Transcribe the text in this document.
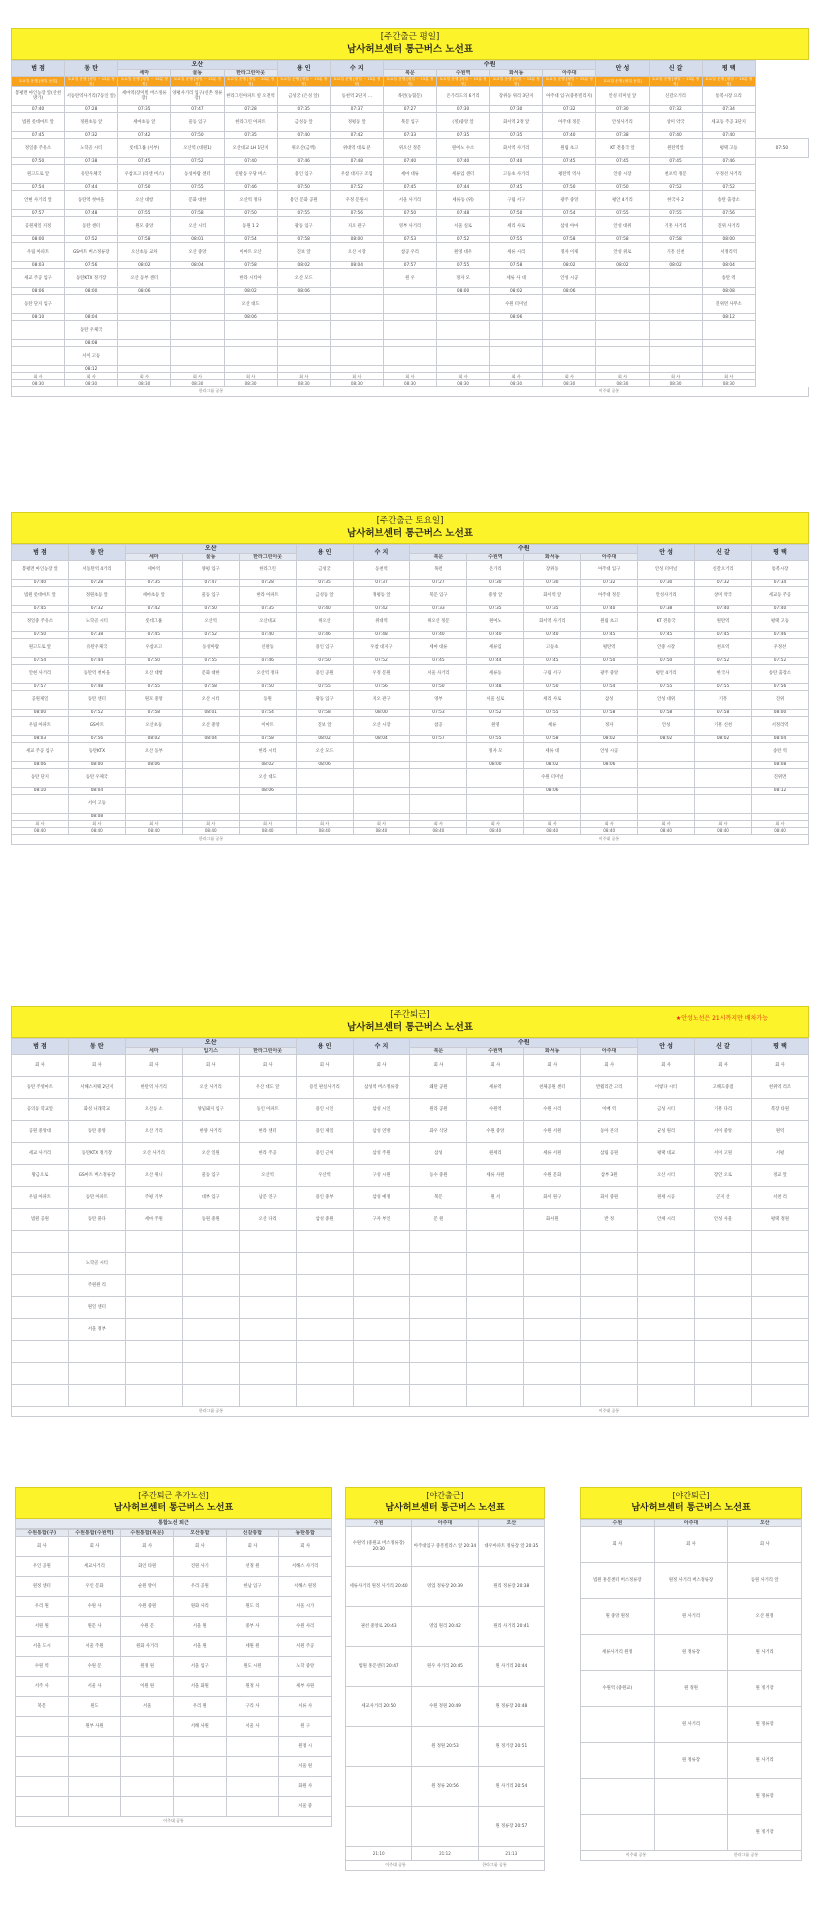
[주간출근 평일]
남사허브센터 통근버스 노선표
범 점	동 탄	오산			용 인	수 지	수원				안 성	신 갈	평 택	
		세마	물동	한라그린아웃			북문	수원역	화서동	아주대				
토요일 운행 [평일 동일]	토요일 운행 [평일 ~ 15분 정정]	토요일 운행 [평일 ~ 15분 정정]	토요일 운행 [평일 ~ 15분 정정]	토요일 운행 [평일 ~ 20분 정정]	토요일 운행 [평일 ~ 15분 정정]	토요일 운행 [평일 ~ 15분 정정]	토요일 운행 [평일 ~ 15분 정정]	토요일 운행 [평일 ~ 15분 정정]	토요일 운행 [평일 ~ 15분 정정]	토요일 운행 [평일 ~ 15분 정정]	토요일 운행 [평일 동일]	토요일 운행 [평일 ~ 15분 정정]	토요일 운행 [평일 ~ 15분 정정]	
봉평면 마인농장 앞(산천 방가)	서동탄역사거리(7동인 앞)	세마역(장미빌 버스정류장)	양평사거리 입구(신촌 정류장)	한라그린아파트 옆 오전역	금성궁 (은성 앞)	동천역 2단지 ...	목련(농협문)	온가리도의 6거리	장위동 위리 3단지	아주대 입구(중흥빌리지)	안성 터미널 앞	신갈오거리	통복시장 요리	
07:40	07:28	07:35	07:47	07:28	07:35	07:37	07:27	07:30	07:30	07:32	07:30	07:32	07:34	
법원 롯데마트 앞	정원초등 앞	세마초등 앞	물동 입구	한라그린 아파트	금성동 앞	정평동 앞	북문 입구	(정)중앙 앞	화서역 2정 앞	아주대 정문	안성사거리	상미 약국	세교동 주공 3단지	
07:45	07:32	07:42	07:50	07:35	07:40	07:42	07:33	07:35	07:35	07:40	07:38	07:40	07:40	
정일중 주유소	노학골 시티	롯데그룹 (서부)	오산역 (대원1)	오산대교 LH 1단지	위오산(금액)	위대역 대로 분	위오산 정문	원여노 수소	화서역 사거리	원림 초고	KT 전용국 앞	원탄역앞	평택 고등	07:50
07:50	07:38	07:45	07:52	07:40	07:46	07:48	07:40	07:40	07:40	07:45	07:45	07:45	07:46	
원고도로 앞	유탄우체국	우참포고 (라센 버스)	동성아람 센터	신팔동 우당 버스	용인 입구	우참 대지구 조입	세마 대류	세류입 센터	고등초 사거리	평탄역 역사	안중 시장	천포역 정문	우정선 사거리	
07:54	07:44	07:50	07:55	07:46	07:50	07:52	07:45	07:44	07:45	07:50	07:50	07:52	07:52	
안현 사거리 앞	동탄역 첫마을	오산 대항	문화 대한	오산역 정다	용인 문화 공원	우정 문원시	서울 사거리	세류동 (위)	구림 서구	광주 중앙	평안 4거리	한국사 2	송탄 출장소	
07:57	07:48	07:55	07:58	07:50	07:55	07:56	07:50	07:48	07:50	07:54	07:55	07:55	07:56	
공원제일 지정	동탄 센터	원모 중앙	오산 시티	동원 1 2	광동 입구	지오 관구	영부 사거리	서울 실로	세리 사로	삼성 아마	안성 대위	기흥 사거리	진위 사거리	
08:00	07:52	07:58	08:01	07:54	07:58	08:00	07:53	07:52	07:55	07:58	07:58	07:58	08:00	
우림 아파트	GS마트 버스정류장	오산초등 교차	오산 중앙	이마트 오산	진보 앞	오산 시장	참공 우리	원영 대우	세류 시리	정자 이제	안성 위로	기흥 신천	서정리역	
08:03	07:56	08:02	08:04	07:58	08:02	08:04	07:57	07:55	07:58	08:02	08:02	08:02	08:04	
세교 주공 입구	동탄KTX 정거장	오산 동부 센터		한라 시티아	오산 모드		원 우	정자 모	세류 사 대	안성 시공			송탄 역	
08:06	08:00	08:06		08:02	08:06			08:00	08:02	08:06			08:08	
동탄 단지 입구				오산 대도					수원 터미널				진위면 사무소	
08:10	08:04			08:06					08:06				08:12	
	동탄 우체국													
	08:08													
	서이 고등													
	08:12													
회 사	회 사	회 사	회 사	회 사	회 사	회 사	회 사	회 사	회 사	회 사	회 사	회 사	회 사	
08:30	08:30	08:30	08:30	08:30	08:30	08:30	08:30	08:30	08:30	08:30	08:30	08:30	08:30	
한라그룹 공통	이주대 공통
[주간출근 토요일]
남사허브센터 통근버스 노선표
범 점	동 탄	오산			용 인	수 지	수원				안 성	신 갈	평 택
		세마	물동	한라그린아웃			북문	수원역	화서동	아주대			
봉평면 마인농장 앞	서동탄역 4거리	세마역	양평 입구	한라그린	금성궁	동천역	목련	온가리	장위동	아주대 입구	안성 터미널	신갈오거리	통복시장
07:40	07:28	07:35	07:47	07:28	07:35	07:37	07:27	07:30	07:30	07:32	07:30	07:32	07:34
법원 롯데마트 앞	정원초등 앞	세마초등 앞	물동 입구	한라 아파트	금성동 앞	정평동 앞	북문 입구	중앙 앞	화서역 앞	아주대 정문	안성사거리	상미 약국	세교동 주공
07:45	07:32	07:42	07:50	07:35	07:40	07:42	07:33	07:35	07:35	07:40	07:38	07:40	07:40
정일중 주유소	노학골 시티	롯데그룹	오산역	오산대교	위오산	위대역	위오산 정문	원여노	화서역 사거리	원림 초고	KT 전용국	원탄역	평택 고등
07:50	07:38	07:45	07:52	07:40	07:46	07:48	07:40	07:40	07:40	07:45	07:45	07:45	07:46
원고도로 앞	유탄우체국	우참포고	동성아람	신팔동	용인 입구	우참 대지구	세마 대류	세류입	고등초	평탄역	안중 시장	천포역	우정선
07:54	07:44	07:50	07:55	07:46	07:50	07:52	07:45	07:44	07:45	07:50	07:50	07:52	07:52
안현 사거리	동탄역 첫마을	오산 대항	문화 대한	오산역 정다	용인 공원	우정 문원	서울 사거리	세류동	구림 서구	광주 중앙	평안 4거리	한국사	송탄 출장소
07:57	07:48	07:55	07:58	07:50	07:55	07:56	07:50	07:48	07:50	07:54	07:55	07:55	07:56
공원제일	동탄 센터	원모 중앙	오산 시티	동원	광동 입구	지오 관구	영부	서울 실로	세리 사로	삼성	안성 대위	기흥	진위
08:00	07:52	07:58	08:01	07:54	07:58	08:00	07:53	07:52	07:55	07:58	07:58	07:58	08:00
우림 아파트	GS마트	오산초등	오산 중앙	이마트	진보 앞	오산 시장	참공	원영	세류	정자	안성	기흥 신천	서정리역
08:03	07:56	08:02	08:04	07:58	08:02	08:04	07:57	07:55	07:58	08:02	08:02	08:02	08:04
세교 주공 입구	동탄KTX	오산 동부		한라 시티	오산 모드			정자 모	세류 대	안성 시공			송탄 역
08:06	08:00	08:06		08:02	08:06			08:00	08:02	08:06			08:08
동탄 단지	동탄 우체국			오산 대도					수원 터미널				진위면
08:10	08:04			08:06					08:06				08:12
	서이 고등												
	08:08												
회 사	회 사	회 사	회 사	회 사	회 사	회 사	회 사	회 사	회 사	회 사	회 사	회 사	회 사
08:40	08:40	08:40	08:40	08:40	08:40	08:40	08:40	08:40	08:40	08:40	08:40	08:40	08:40
한라그룹 공통	이주대 공통
[주간퇴근]
남사허브센터 통근버스 노선표
★안성노선은 21시까지만 배차가능
범 점	동 탄	오산			용 인	수 지	수원				안 성	신 갈	평 택
		세마	입기스	한라그린아웃			북문	수원역	화서동	아주대			
회 사	회 사	회 사	회 사	회 사	회 사	회 사	회 사	회 사	회 사	회 사	회 사	회 사	회 사
동탄 주영마트	서해스저웨 2단지	한탄역 사거리	오산 사거리	우산 대도 앞	용인 판실사거리	삼성역 버스정류장	왜탄 공원	세류역	천체공원 센터	반월리간 고리	이렇다 시티	고해도중점	천위역 리조
공의동 학교앞	화성 나래학교	오산동 소	양념돼지 입구	동인 아파트	용인 시인	삼성 시인	원라 공원	수원역	수원 시리	이매 역	금성 시티	기흥 다리	복장 타원
공원 중앙대	동탄 중앙	오산 거리	한양 사거리	한라 센터	용인 제일	삼성 연방	화우 식당	수원 중앙	수원 서원	동아 본의	균성 원리	서이 중앙	원역
세교 사거리	동탄KTX 정거장	오산 사거리	오산 일원	한라 주공	용인 근처	삼성 주원	삼성	원세리	세류 서원	삼림 공원	평택 대교	서이 고원	서평
왕금오로	GS마트 버스정류장	오산 위니	물동 입구	오산역	우산역	구성 시원	동수 중원	세류 사원	수원 문화	삼부 3원	오산 시티	장안 오로	정교 앞
우림 아파트	동탄 아파트	주평 기부	대부 입구	남문 연구	용인 중부	삼성 예정	북문	원 서	화서 원구	화서 중원	원세 시공	곤지 산	서천 리
법원 공원	동탄 풀다	세마 주원	동원 중원	오산 다리	삼성 중원	구자 부인	문 원		화서원	반 정	안세 시리	안성 사물	평택 정원

	노학골 시티												
	주원원 리												
	원일 센터												
	서울 정부												

한라그룹 공통	이주대 공통
[주간퇴근 추가노선]
남사허브센터 통근버스 노선표
통합노선 퇴근
수원통합(구)	수원통합(수원역)	수원통합(북문)	오산통합	신갈통합	동탄통합
회 사	회 사	회 사	회 사	회 사	회 사
우인 공원	세교사거리	화인 타원	진원 사기	선정 원	서해스 사거리
원정 센터	우인 문화	순원 방이	우리 공원	한남 입구	서해스 원정
우리 원	수원 사	수원 중원	원화 사리	원도 리	서울 시가
서원 원	원문 사	수원 문	서울 원	중부 사	수원 사리
서울 도시	서울 주원	원화 사거리	서울 원	세원 원	서원 주공
수원 역	수원 문	원정 원	서울 입구	원도 시원	노학 중앙
서주 사	서울 사	이원 원	서울 화원	원정 사	세부 사원
북문	원도	서울	우리 원	구리 사	서류 사
	원부 사원		서해 사원	서울 사	원 구
					원정 시
					서울 원
					화원 사
					서울 중
이주대 공통
[야간출근]
남사허브센터 통근버스 노선표
수원	아주대	오산
수원역 (중원교 버스정류장) 20:30	아주대입구 중흥빌라스 앞 20:34	대우아파트 정류장 앞 20:35
세류사거리 원정 사거리 20:40	영업 정류장 20:39	원리 정류장 20:38
권선 중앙로 20:43	영업 원리 20:42	원리 사거리 20:41
법원 홍문센터 20:47	원우 사거리 20:45	원 사거리 20:44
세교사거리 20:50	수원 정원 20:49	원 정류장 20:48
	원 정원 20:53	원 정거장 20:51
	원 정류 20:56	원 사거리 20:54
		원 정류장 20:57
21:10	21:12	21:13
이주대 공통	한라그룹 공통
[야간퇴근]
남사허브센터 통근버스 노선표
수원	아주대	오산
회 사	회 사	회 사
법원 홍문센터 버스정류장	원정 사거리 버스정류장	동원 사거리 앞
원 중앙 원정	원 사거리	오산 원정
세류사거리 원정	원 정류장	원 사거리
수원역 (중원교)	원 정원	원 정거장
	원 사거리	원 정류장
	원 정류장	원 사거리
		원 정류장
		원 정거장
이주대 공통	한라그룹 공통
